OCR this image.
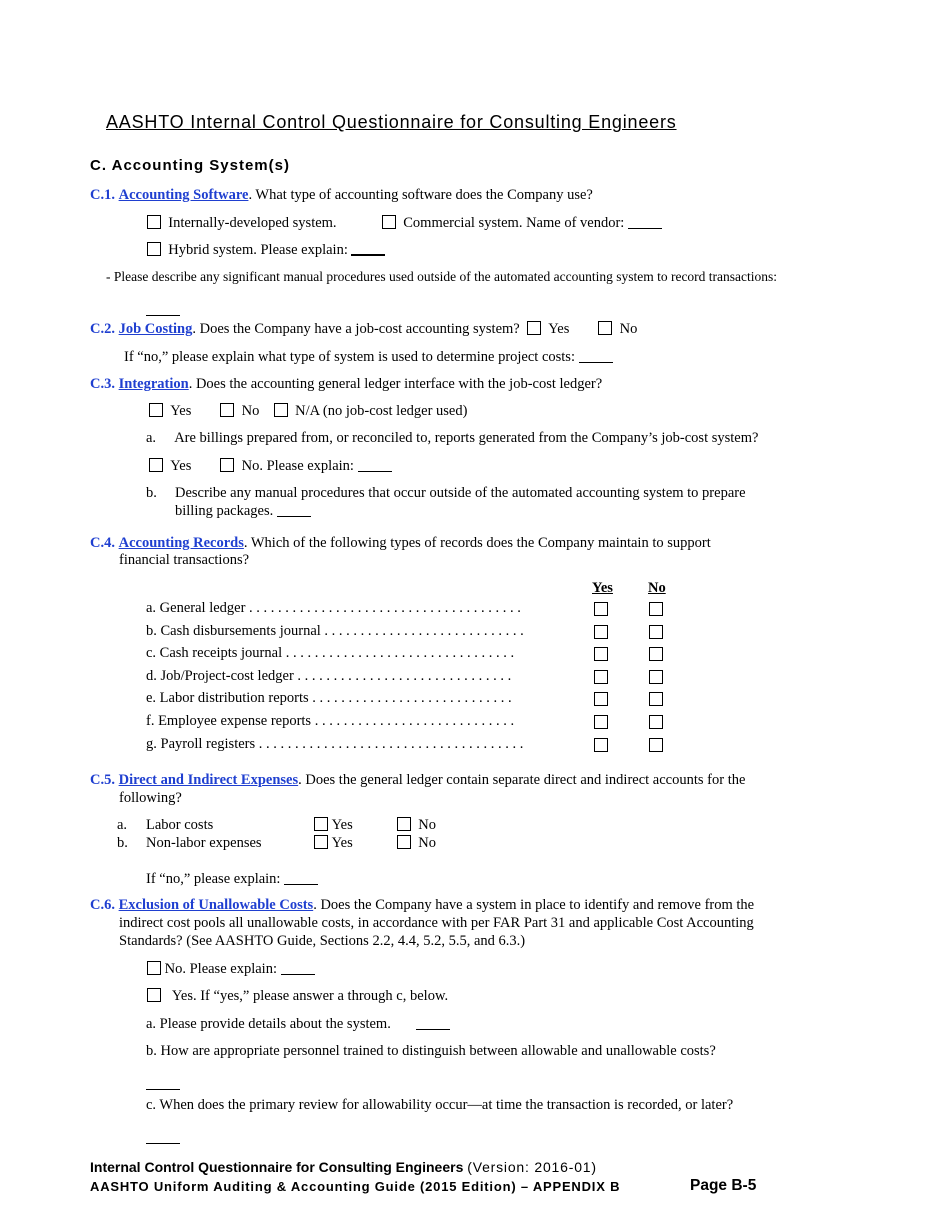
AASHTO Internal Control Questionnaire for Consulting Engineers
C. Accounting System(s)
C.1. Accounting Software. What type of accounting software does the Company use?
Internally-developed system.	Commercial system. Name of vendor:
Hybrid system. Please explain:
- Please describe any significant manual procedures used outside of the automated accounting system to record transactions:
C.2. Job Costing. Does the Company have a job-cost accounting system? Yes	No
If “no,” please explain what type of system is used to determine project costs:
C.3. Integration. Does the accounting general ledger interface with the job-cost ledger?
Yes	No N/A (no job-cost ledger used)
a. Are billings prepared from, or reconciled to, reports generated from the Company’s job-cost system?
Yes	No. Please explain:
b. Describe any manual procedures that occur outside of the automated accounting system to prepare
billing packages.
C.4. Accounting Records. Which of the following types of records does the Company maintain to support
financial transactions?
Yes No
a. General ledger . . . . . . . . . . . . . . . . . . . . . . . . . . . . . . . . . . . . . .
b. Cash disbursements journal . . . . . . . . . . . . . . . . . . . . . . . . . . . .
c. Cash receipts journal . . . . . . . . . . . . . . . . . . . . . . . . . . . . . . . .
d. Job/Project-cost ledger . . . . . . . . . . . . . . . . . . . . . . . . . . . . . .
e. Labor distribution reports . . . . . . . . . . . . . . . . . . . . . . . . . . . .
f. Employee expense reports . . . . . . . . . . . . . . . . . . . . . . . . . . . .
g. Payroll registers . . . . . . . . . . . . . . . . . . . . . . . . . . . . . . . . . . . . .
C.5. Direct and Indirect Expenses. Does the general ledger contain separate direct and indirect accounts for the
following?
a. Labor costs	Yes	No
b. Non-labor expenses	Yes	No
If “no,” please explain:
C.6. Exclusion of Unallowable Costs. Does the Company have a system in place to identify and remove from the
indirect cost pools all unallowable costs, in accordance with per FAR Part 31 and applicable Cost Accounting
Standards? (See AASHTO Guide, Sections 2.2, 4.4, 5.2, 5.5, and 6.3.)
No. Please explain:
Yes. If “yes,” please answer a through c, below.
a. Please provide details about the system.
b. How are appropriate personnel trained to distinguish between allowable and unallowable costs?
c. When does the primary review for allowability occur—at time the transaction is recorded, or later?
Internal Control Questionnaire for Consulting Engineers (Version: 2016-01)
AASHTO Uniform Auditing & Accounting Guide (2015 Edition) – APPENDIX B	Page B-5
